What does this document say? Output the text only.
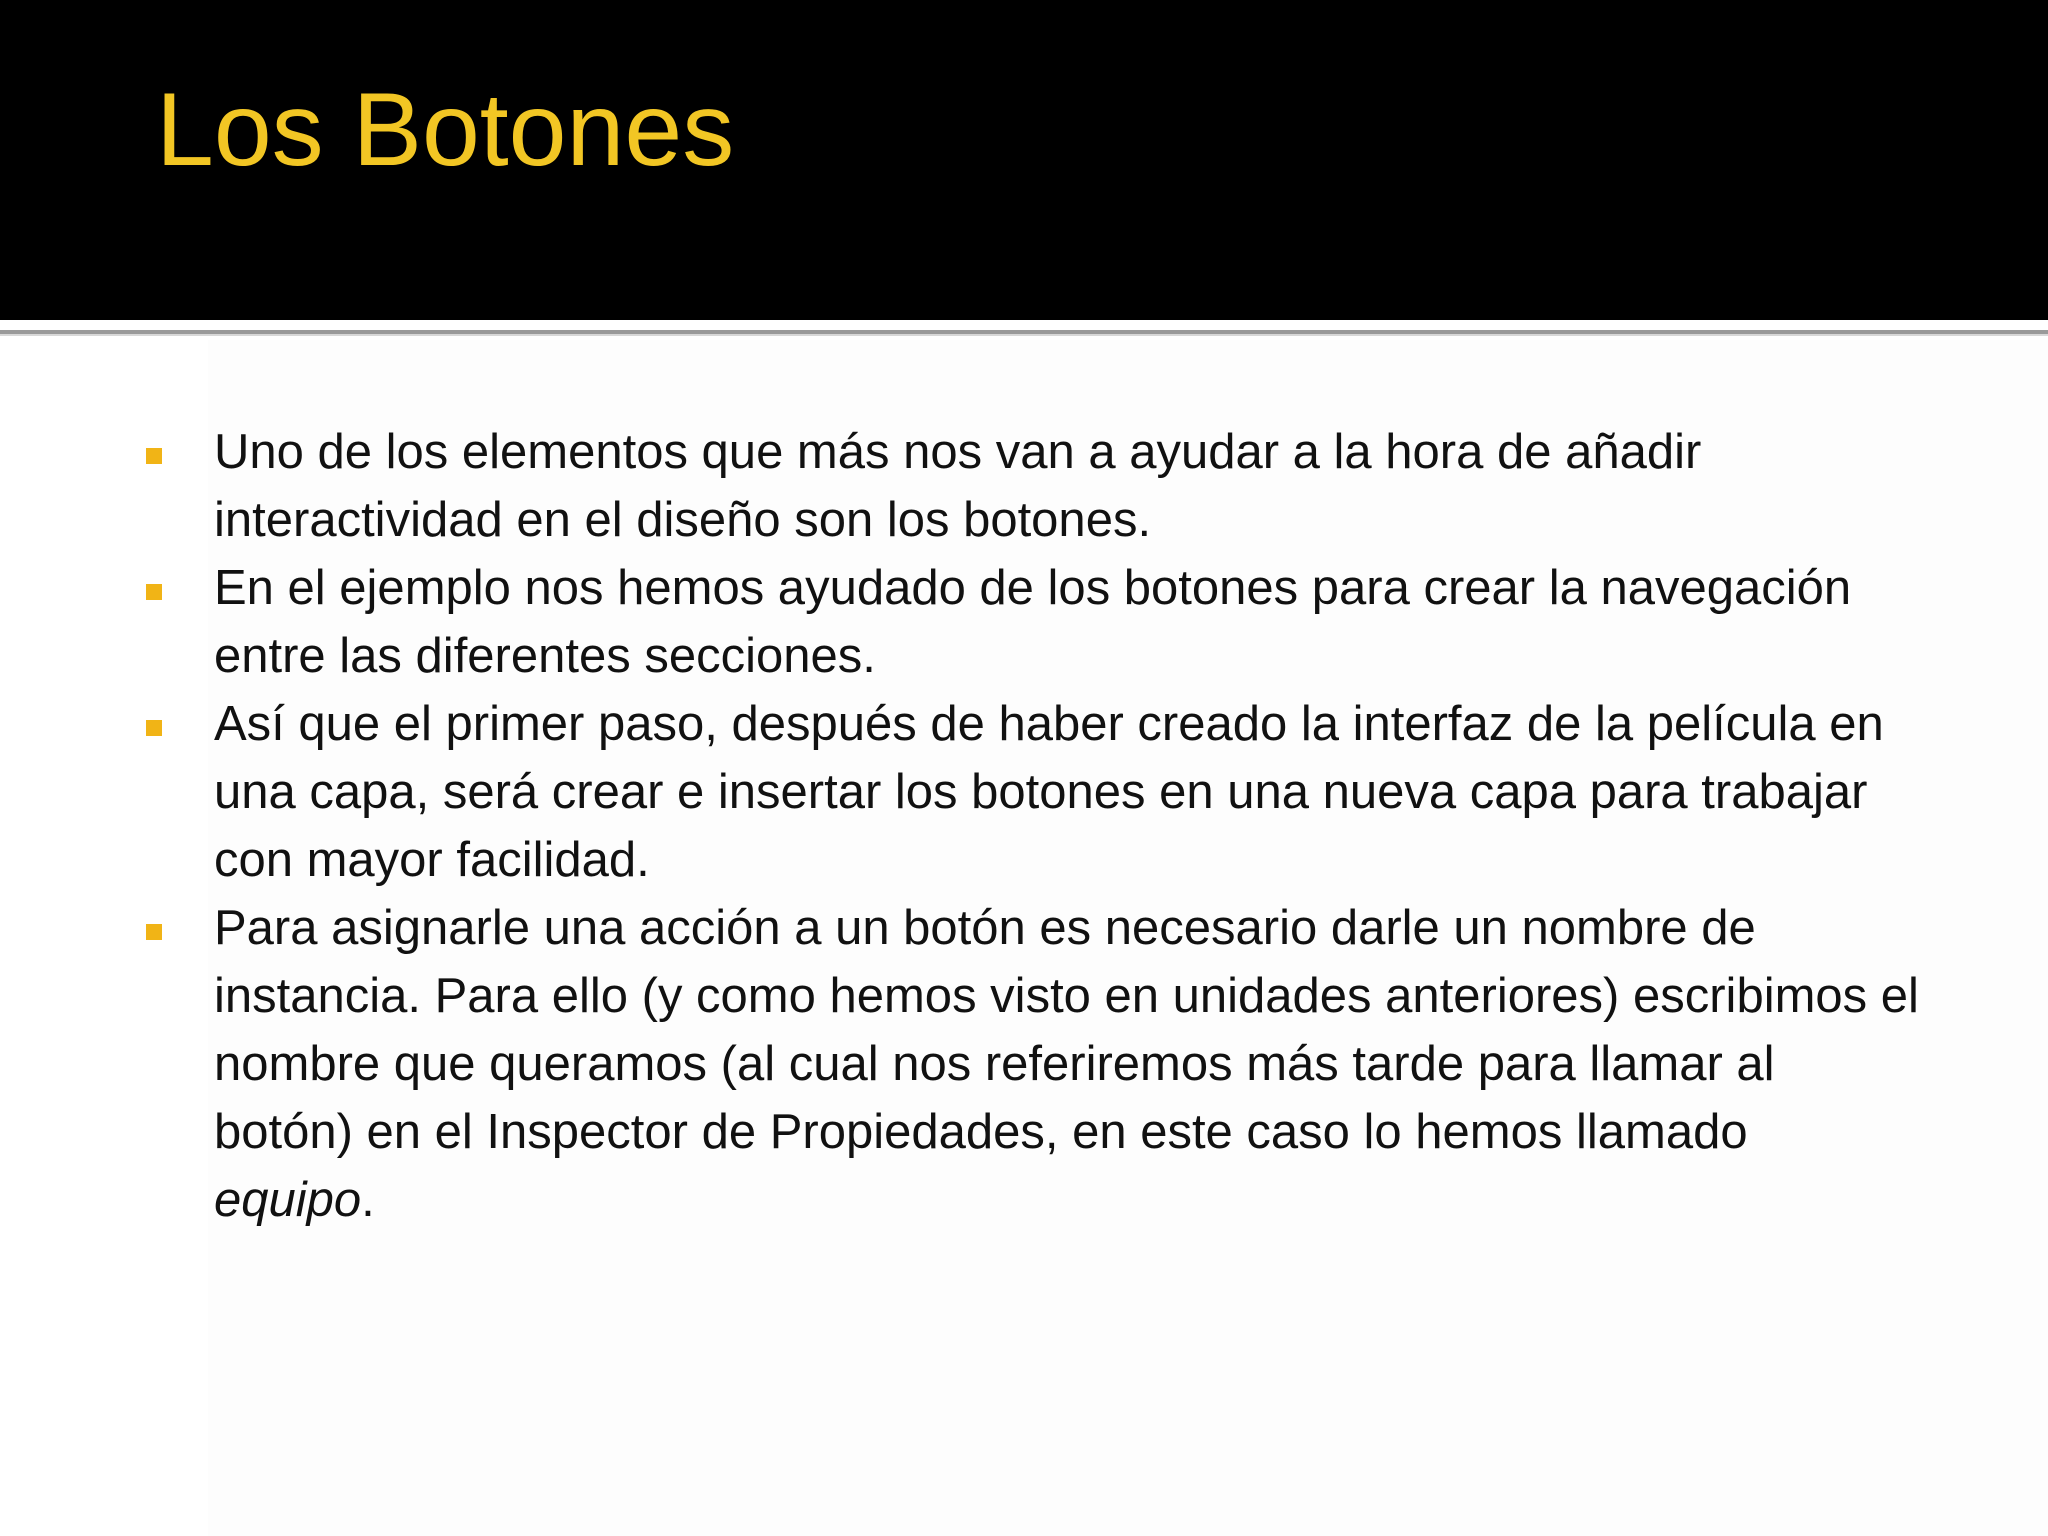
Los Botones
Uno de los elementos que más nos van a ayudar a la hora de añadir interactividad en el diseño son los botones.
En el ejemplo nos hemos ayudado de los botones para crear la navegación entre las diferentes secciones.
Así que el primer paso, después de haber creado la interfaz de la película en una capa, será crear e insertar los botones en una nueva capa para trabajar con mayor facilidad.
Para asignarle una acción a un botón es necesario darle un nombre de instancia. Para ello (y como hemos visto en unidades anteriores) escribimos el nombre que queramos (al cual nos referiremos más tarde para llamar al botón) en el Inspector de Propiedades, en este caso lo hemos llamado equipo.
